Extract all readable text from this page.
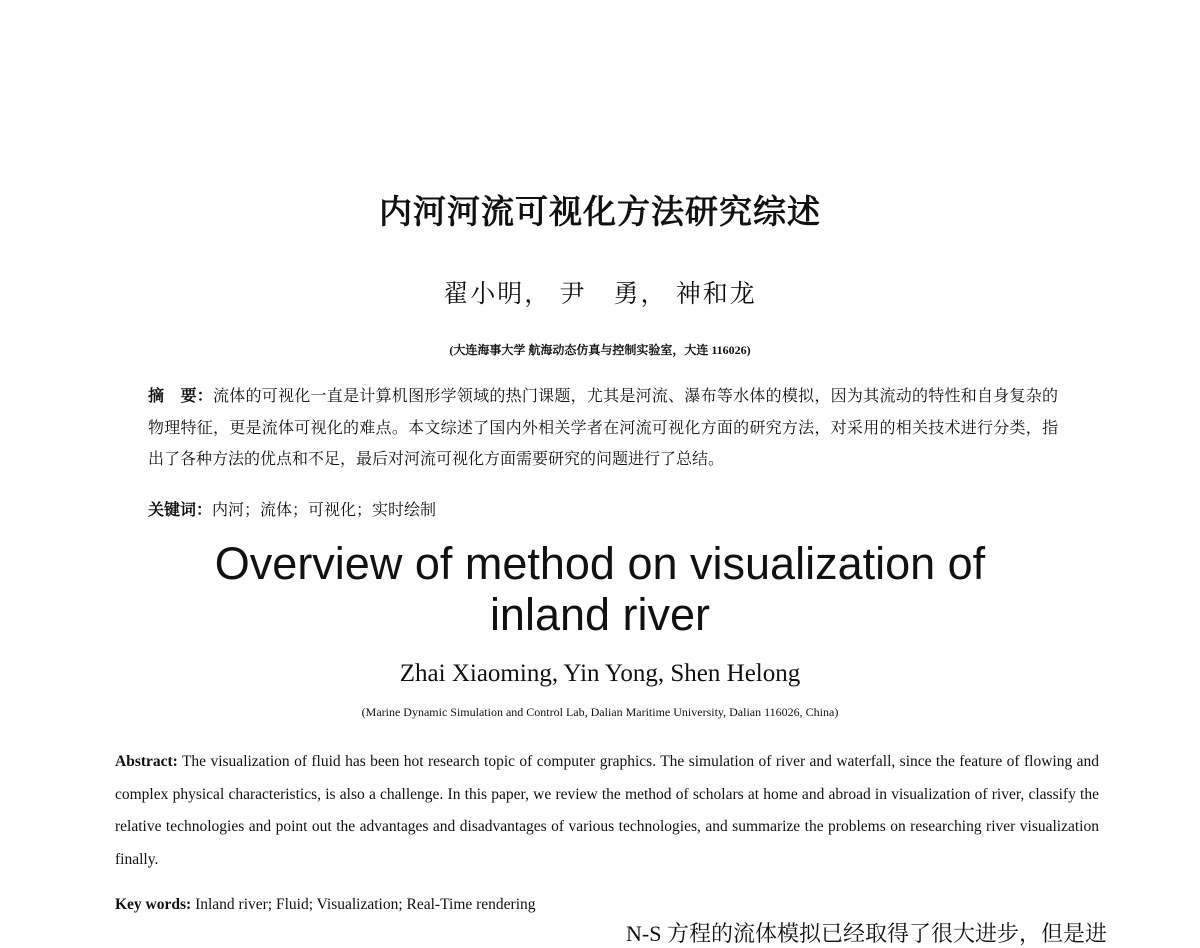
内河河流可视化方法研究综述
翟小明， 尹　勇， 神和龙
(大连海事大学 航海动态仿真与控制实验室，大连 116026)
摘　要：流体的可视化一直是计算机图形学领域的热门课题，尤其是河流、瀑布等水体的模拟，因为其流动的特性和自身复杂的物理特征，更是流体可视化的难点。本文综述了国内外相关学者在河流可视化方面的研究方法，对采用的相关技术进行分类，指出了各种方法的优点和不足，最后对河流可视化方面需要研究的问题进行了总结。
关键词：内河；流体；可视化；实时绘制
Overview of method on visualization of
inland river
Zhai Xiaoming, Yin Yong, Shen Helong
(Marine Dynamic Simulation and Control Lab, Dalian Maritime University, Dalian 116026, China)
Abstract: The visualization of fluid has been hot research topic of computer graphics. The simulation of river and waterfall, since the feature of flowing and complex physical characteristics, is also a challenge. In this paper, we review the method of scholars at home and abroad in visualization of river, classify the relative technologies and point out the advantages and disadvantages of various technologies, and summarize the problems on researching river visualization finally.
Key words: Inland river; Fluid; Visualization; Real-Time rendering
N-S 方程的流体模拟已经取得了很大进步，但是进
